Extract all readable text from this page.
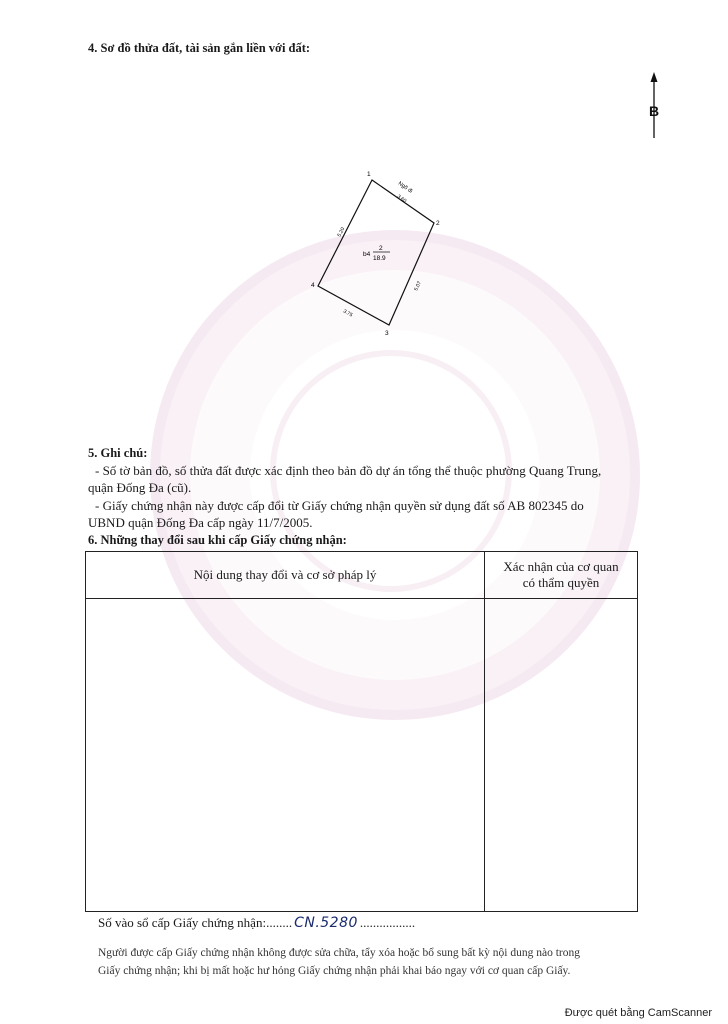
4. Sơ đồ thửa đất, tài sản gắn liền với đất:
B
1
2
3
4
Ngõ đi
3.60
5.07
3.75
5.20
b4
2
18.9
5. Ghi chú:
- Số tờ bản đồ, số thửa đất được xác định theo bản đồ dự án tổng thể thuộc phường Quang Trung,
quận Đống Đa (cũ).
- Giấy chứng nhận này được cấp đổi từ Giấy chứng nhận quyền sử dụng đất số AB 802345 do
UBND quận Đống Đa cấp ngày 11/7/2005.
6. Những thay đổi sau khi cấp Giấy chứng nhận:
Nội dung thay đổi và cơ sở pháp lý	Xác nhận của cơ quan
có thẩm quyền

Số vào sổ cấp Giấy chứng nhận:........ CN.5280 .................
Người được cấp Giấy chứng nhận không được sửa chữa, tẩy xóa hoặc bổ sung bất kỳ nội dung nào trong
Giấy chứng nhận; khi bị mất hoặc hư hỏng Giấy chứng nhận phải khai báo ngay với cơ quan cấp Giấy.
Được quét bằng CamScanner
